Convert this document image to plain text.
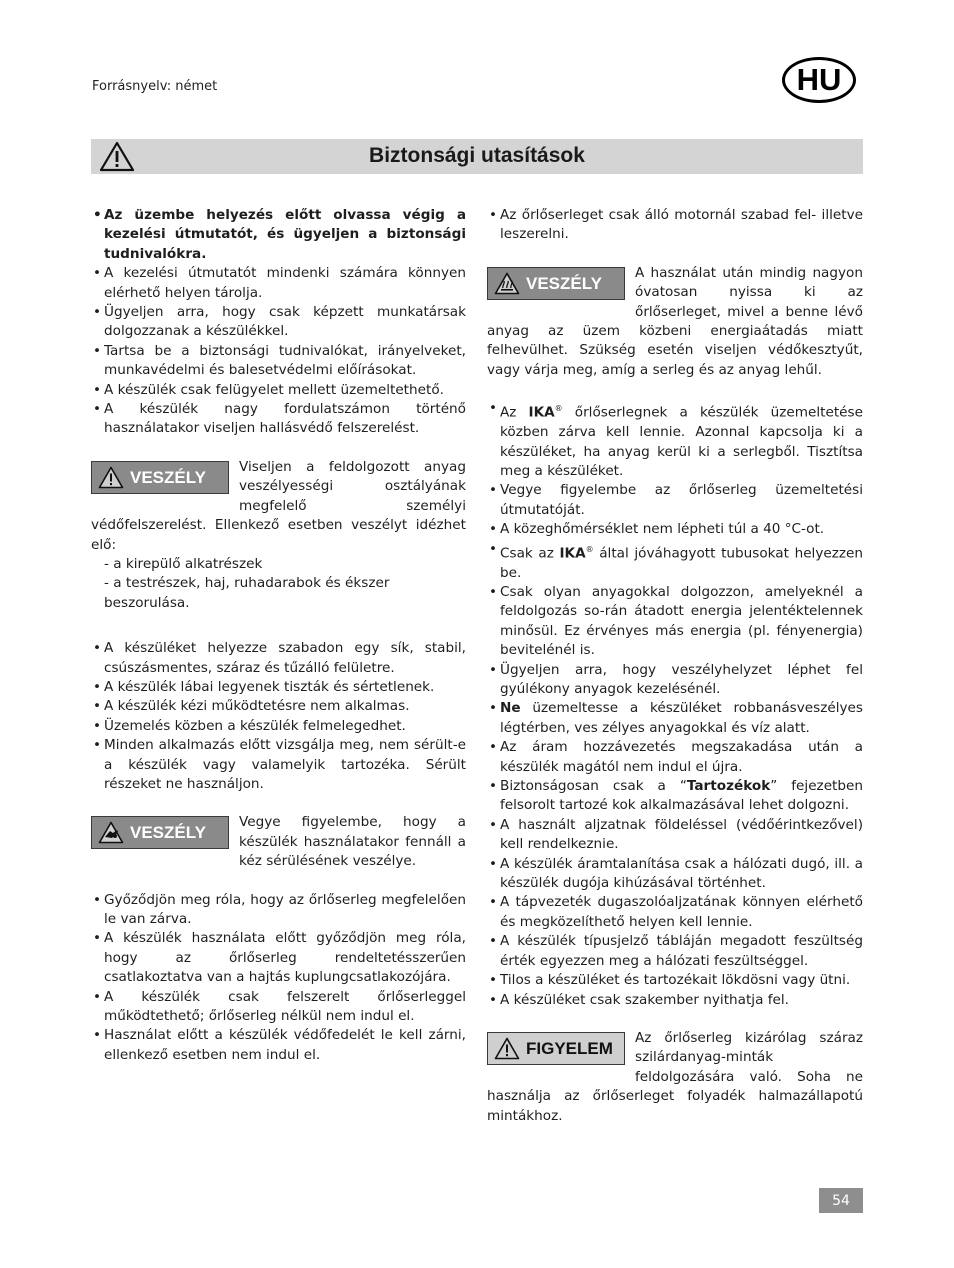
Forrásnyelv: német	HU
Biztonsági utasítások
• Az üzembe helyezés előtt olvassa végig a kezelési útmutatót, és ügyeljen a biztonsági tudnivalókra.
• A kezelési útmutatót mindenki számára könnyen elérhető helyen tárolja.
• Ügyeljen arra, hogy csak képzett munkatársak dolgozzanak a készülékkel.
• Tartsa be a biztonsági tudnivalókat, irányelveket, munkavédelmi és balesetvédelmi előírásokat.
• A készülék csak felügyelet mellett üzemeltethető.
• A készülék nagy fordulatszámon történő használatakor viseljen hallásvédő felszerelést.
VESZÉLY
Viseljen a feldolgozott anyag veszélyességi osztályának megfelelő személyi védőfelszerelést. Ellenkező esetben veszélyt idézhet elő:
- a kirepülő alkatrészek
- a testrészek, haj, ruhadarabok és ékszer beszorulása.
• A készüléket helyezze szabadon egy sík, stabil, csúszásmentes, száraz és tűzálló felületre.
• A készülék lábai legyenek tiszták és sértetlenek.
• A készülék kézi működtetésre nem alkalmas.
• Üzemelés közben a készülék felmelegedhet.
• Minden alkalmazás előtt vizsgálja meg, nem sérült-e a készülék vagy valamelyik tartozéka. Sérült részeket ne használjon.
VESZÉLY
Vegye figyelembe, hogy a készülék használatakor fennáll a kéz sérülésének veszélye.
• Győződjön meg róla, hogy az őrlőserleg megfelelően le van zárva.
• A készülék használata előtt győződjön meg róla, hogy az őrlőserleg rendeltetésszerűen csatlakoztatva van a hajtás kuplungcsatlakozójára.
• A készülék csak felszerelt őrlőserleggel működtethető; őrlőserleg nélkül nem indul el.
• Használat előtt a készülék védőfedelét le kell zárni, ellenkező esetben nem indul el.
• Az őrlőserleget csak álló motornál szabad fel- illetve leszerelni.
VESZÉLY
A használat után mindig nagyon óvatosan nyissa ki az őrlőserleget, mivel a benne lévő anyag az üzem közbeni energiaátadás miatt felhevülhet. Szükség esetén viseljen védőkesztyűt, vagy várja meg, amíg a serleg és az anyag lehűl.
• Az IKA® őrlőserlegnek a készülék üzemeltetése közben zárva kell lennie. Azonnal kapcsolja ki a készüléket, ha anyag kerül ki a serlegből. Tisztítsa meg a készüléket.
• Vegye figyelembe az őrlőserleg üzemeltetési útmutatóját.
• A közeghőmérséklet nem lépheti túl a 40 °C-ot.
• Csak az IKA® által jóváhagyott tubusokat helyezzen be.
• Csak olyan anyagokkal dolgozzon, amelyeknél a feldolgozás so-rán átadott energia jelentéktelennek minősül. Ez érvényes más energia (pl. fényenergia) bevitelénél is.
• Ügyeljen arra, hogy veszélyhelyzet léphet fel gyúlékony anyagok kezelésénél.
• Ne üzemeltesse a készüléket robbanásveszélyes légtérben, ves zélyes anyagokkal és víz alatt.
• Az áram hozzávezetés megszakadása után a készülék magától nem indul el újra.
• Biztonságosan csak a “Tartozékok” fejezetben felsorolt tartozé kok alkalmazásával lehet dolgozni.
• A használt aljzatnak földeléssel (védőérintkezővel) kell rendelkeznie.
• A készülék áramtalanítása csak a hálózati dugó, ill. a készülék dugója kihúzásával történhet.
• A tápvezeték dugaszolóaljzatának könnyen elérhető és megközelíthető helyen kell lennie.
• A készülék típusjelző tábláján megadott feszültség érték egyezzen meg a hálózati feszültséggel.
• Tilos a készüléket és tartozékait lökdösni vagy ütni.
• A készüléket csak szakember nyithatja fel.
FIGYELEM
Az őrlőserleg kizárólag száraz szilárdanyag-minták feldolgozására való. Soha ne használja az őrlőserleget folyadék halmazállapotú mintákhoz.
54
